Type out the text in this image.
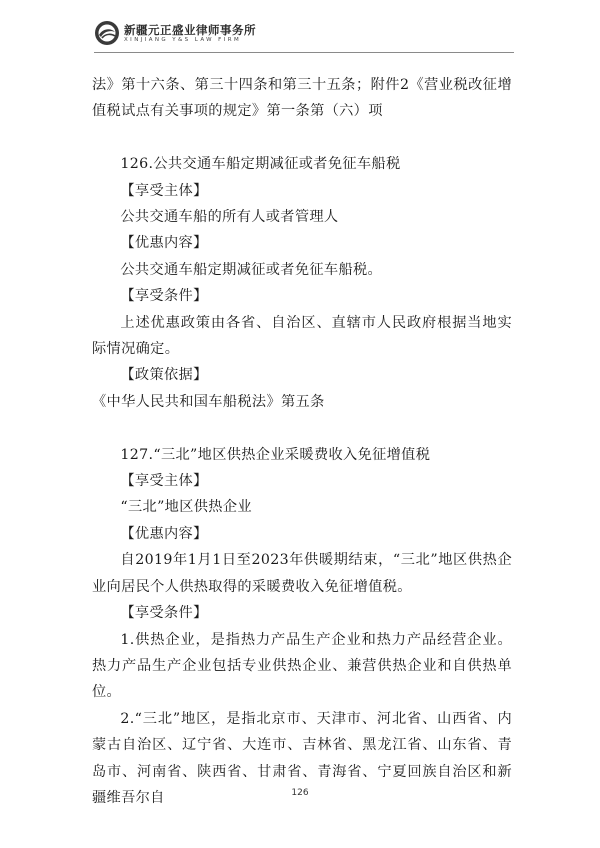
新疆元正盛业律师事务所
XINJIANG Y&S LAW FIRM

法》第十六条、第三十四条和第三十五条；附件2《营业税改征增值税试点有关事项的规定》第一条第（六）项

126.公共交通车船定期减征或者免征车船税

【享受主体】

公共交通车船的所有人或者管理人

【优惠内容】

公共交通车船定期减征或者免征车船税。

【享受条件】

上述优惠政策由各省、自治区、直辖市人民政府根据当地实际情况确定。

【政策依据】

《中华人民共和国车船税法》第五条

127.“三北”地区供热企业采暖费收入免征增值税

【享受主体】

“三北”地区供热企业

【优惠内容】

自2019年1月1日至2023年供暖期结束，“三北”地区供热企业向居民个人供热取得的采暖费收入免征增值税。

【享受条件】

1.供热企业，是指热力产品生产企业和热力产品经营企业。热力产品生产企业包括专业供热企业、兼营供热企业和自供热单位。

2.“三北”地区，是指北京市、天津市、河北省、山西省、内蒙古自治区、辽宁省、大连市、吉林省、黑龙江省、山东省、青岛市、河南省、陕西省、甘肃省、青海省、宁夏回族自治区和新疆维吾尔自	126
